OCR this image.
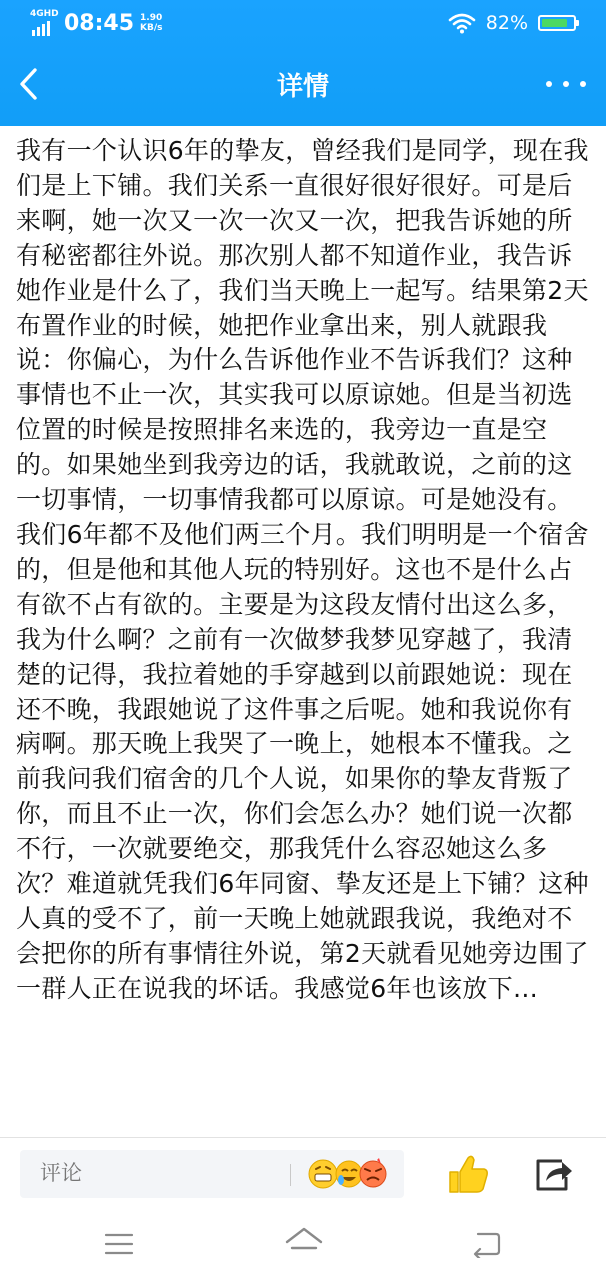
4GHD 08:45 1.90
KB/s	82%
详情
我有一个认识6年的挚友，曾经我们是同学，现在我们是上下铺。我们关系一直很好很好很好。可是后来啊，她一次又一次一次又一次，把我告诉她的所有秘密都往外说。那次别人都不知道作业，我告诉她作业是什么了，我们当天晚上一起写。结果第2天布置作业的时候，她把作业拿出来，别人就跟我说：你偏心，为什么告诉他作业不告诉我们？这种事情也不止一次，其实我可以原谅她。但是当初选位置的时候是按照排名来选的，我旁边一直是空的。如果她坐到我旁边的话，我就敢说，之前的这一切事情，一切事情我都可以原谅。可是她没有。我们6年都不及他们两三个月。我们明明是一个宿舍的，但是他和其他人玩的特别好。这也不是什么占有欲不占有欲的。主要是为这段友情付出这么多，我为什么啊？之前有一次做梦我梦见穿越了，我清楚的记得，我拉着她的手穿越到以前跟她说：现在还不晚，我跟她说了这件事之后呢。她和我说你有病啊。那天晚上我哭了一晚上，她根本不懂我。之前我问我们宿舍的几个人说，如果你的挚友背叛了你，而且不止一次，你们会怎么办？她们说一次都不行，一次就要绝交，那我凭什么容忍她这么多次？难道就凭我们6年同窗、挚友还是上下铺？这种人真的受不了，前一天晚上她就跟我说，我绝对不会把你的所有事情往外说，第2天就看见她旁边围了一群人正在说我的坏话。我感觉6年也该放下…
评论
